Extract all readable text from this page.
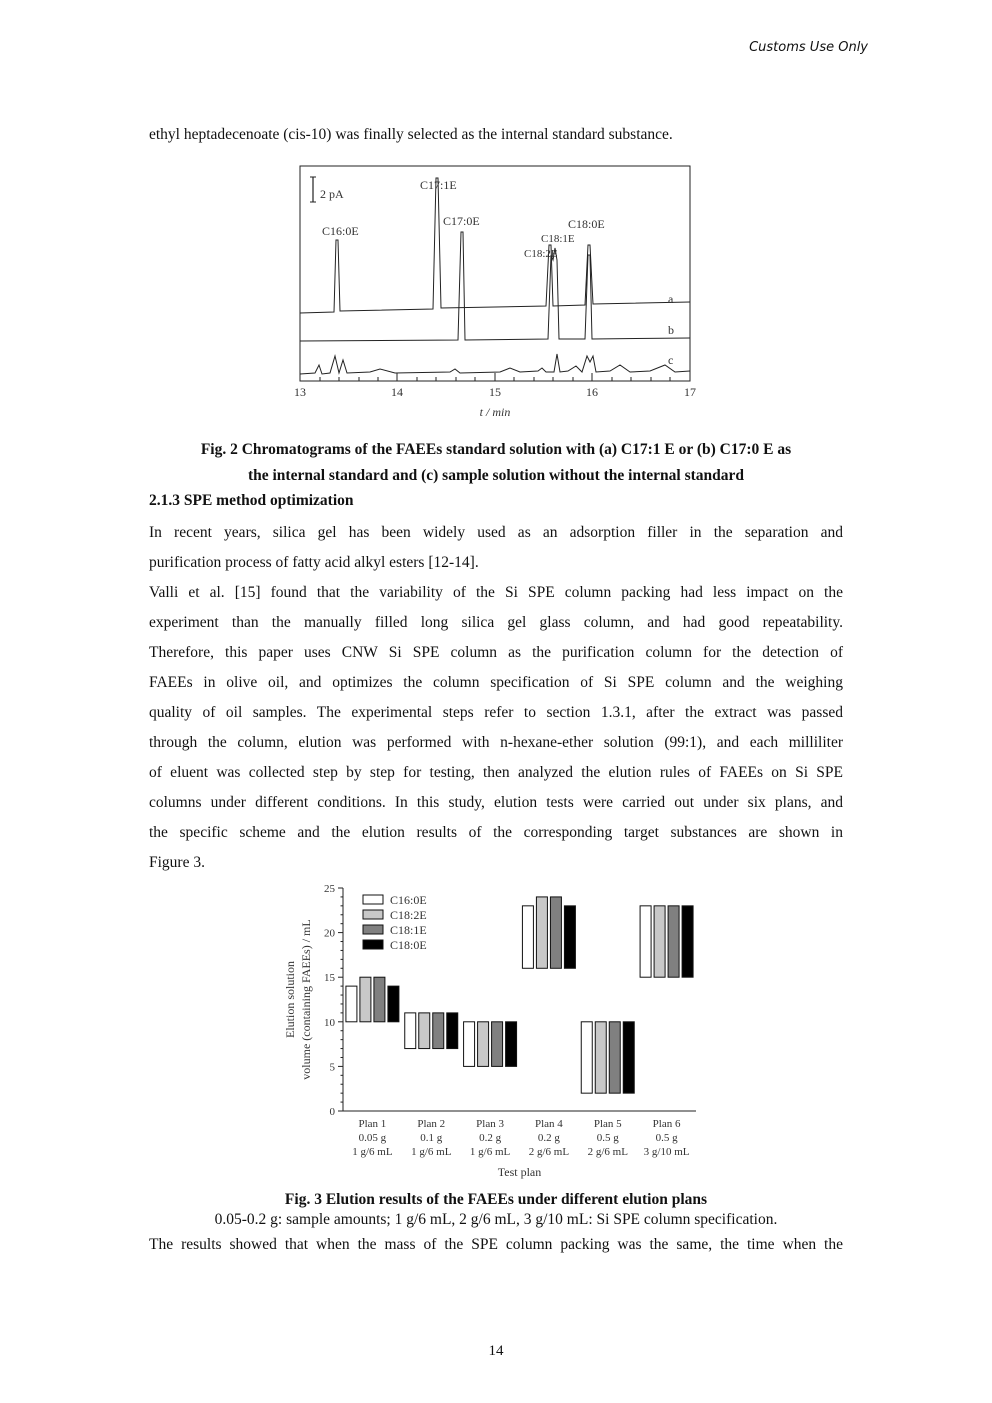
Customs Use Only
ethyl heptadecenoate (cis-10) was finally selected as the internal standard substance.
2 pA
C16:0E
C17:1E
C17:0E
C18:1E
C18:2E
C18:0E
a
b
c
13	14	15	16	17
t / min
Fig. 2 Chromatograms of the FAEEs standard solution with (a) C17:1 E or (b) C17:0 E as
the internal standard and (c) sample solution without the internal standard
2.1.3 SPE method optimization
In recent years, silica gel has been widely used as an adsorption filler in the separation and
purification process of fatty acid alkyl esters [12-14].
Valli et al. [15] found that the variability of the Si SPE column packing had less impact on the
experiment than the manually filled long silica gel glass column, and had good repeatability.
Therefore, this paper uses CNW Si SPE column as the purification column for the detection of
FAEEs in olive oil, and optimizes the column specification of Si SPE column and the weighing
quality of oil samples. The experimental steps refer to section 1.3.1, after the extract was passed
through the column, elution was performed with n-hexane-ether solution (99:1), and each milliliter
of eluent was collected step by step for testing, then analyzed the elution rules of FAEEs on Si SPE
columns under different conditions. In this study, elution tests were carried out under six plans, and
the specific scheme and the elution results of the corresponding target substances are shown in
Figure 3.
0
5
10
15
20
25
Elution solution volume (containing FAEEs) / mL
Plan 1
0.05 g
1 g/6 mL
Plan 2
0.1 g
1 g/6 mL
Plan 3
0.2 g
1 g/6 mL
Plan 4
0.2 g
2 g/6 mL
Plan 5
0.5 g
2 g/6 mL
Plan 6
0.5 g
3 g/10 mL
Test plan
C16:0E
C18:2E
C18:1E
C18:0E
Fig. 3 Elution results of the FAEEs under different elution plans
0.05-0.2 g: sample amounts; 1 g/6 mL, 2 g/6 mL, 3 g/10 mL: Si SPE column specification.
The results showed that when the mass of the SPE column packing was the same, the time when the
14
